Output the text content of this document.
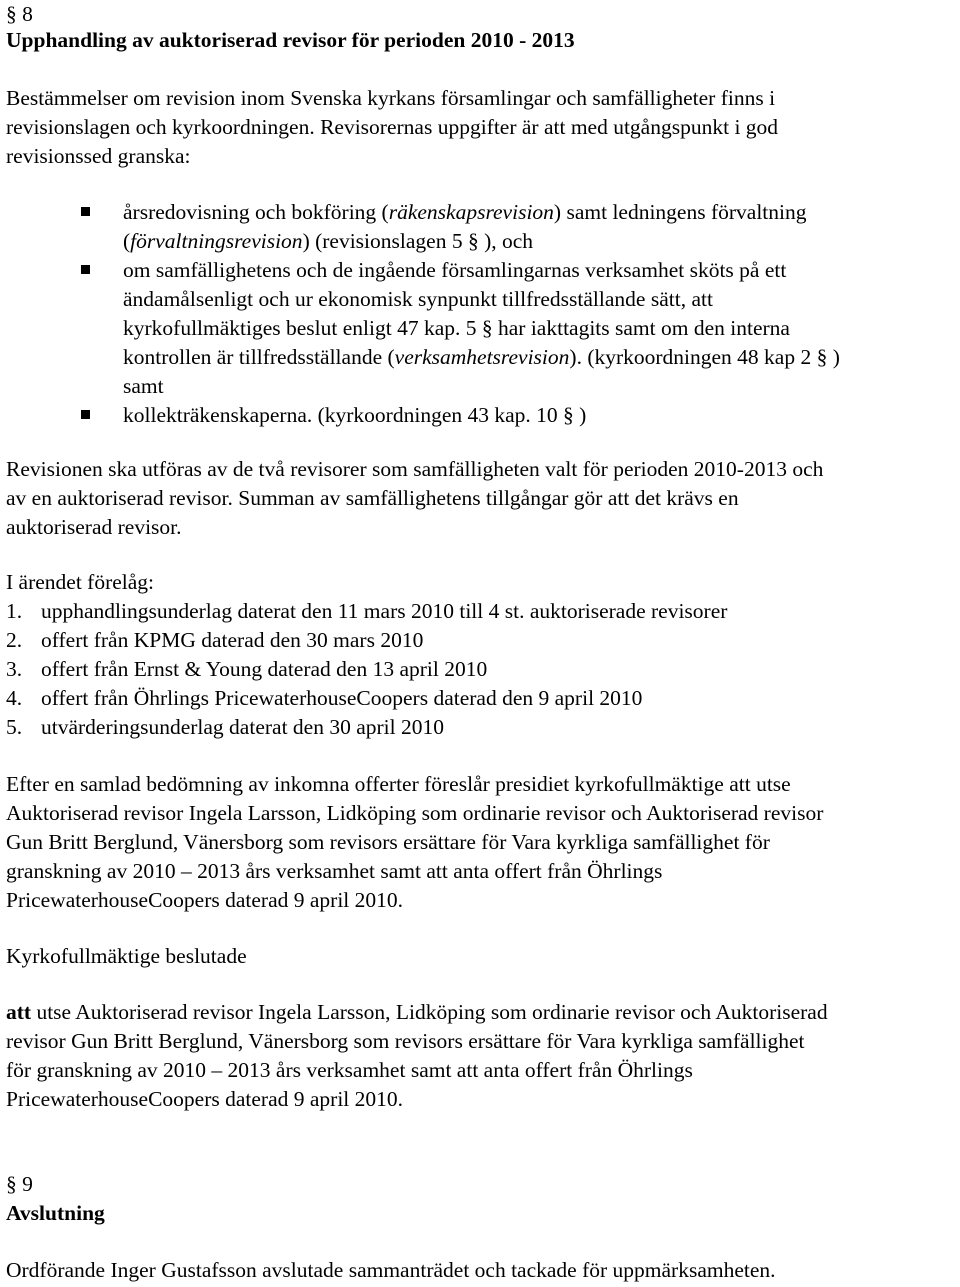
§ 8

Upphandling av auktoriserad revisor för perioden 2010 - 2013

Bestämmelser om revision inom Svenska kyrkans församlingar och samfälligheter finns i

revisionslagen och kyrkoordningen. Revisorernas uppgifter är att med utgångspunkt i god

revisionssed granska:

årsredovisning och bokföring (räkenskapsrevision) samt ledningens förvaltning

(förvaltningsrevision) (revisionslagen 5 § ), och

om samfällighetens och de ingående församlingarnas verksamhet sköts på ett

ändamålsenligt och ur ekonomisk synpunkt tillfredsställande sätt, att

kyrkofullmäktiges beslut enligt 47 kap. 5 § har iakttagits samt om den interna

kontrollen är tillfredsställande (verksamhetsrevision). (kyrkoordningen 48 kap 2 § )

samt

kollekträkenskaperna. (kyrkoordningen 43 kap. 10 § )

Revisionen ska utföras av de två revisorer som samfälligheten valt för perioden 2010-2013 och

av en auktoriserad revisor. Summan av samfällighetens tillgångar gör att det krävs en

auktoriserad revisor.

I ärendet förelåg:

1. upphandlingsunderlag daterat den 11 mars 2010 till 4 st. auktoriserade revisorer

2. offert från KPMG daterad den 30 mars 2010

3. offert från Ernst & Young daterad den 13 april 2010

4. offert från Öhrlings PricewaterhouseCoopers daterad den 9 april 2010

5. utvärderingsunderlag daterat den 30 april 2010

Efter en samlad bedömning av inkomna offerter föreslår presidiet kyrkofullmäktige att utse

Auktoriserad revisor Ingela Larsson, Lidköping som ordinarie revisor och Auktoriserad revisor

Gun Britt Berglund, Vänersborg som revisors ersättare för Vara kyrkliga samfällighet för

granskning av 2010 – 2013 års verksamhet samt att anta offert från Öhrlings

PricewaterhouseCoopers daterad 9 april 2010.

Kyrkofullmäktige beslutade

att utse Auktoriserad revisor Ingela Larsson, Lidköping som ordinarie revisor och Auktoriserad

revisor Gun Britt Berglund, Vänersborg som revisors ersättare för Vara kyrkliga samfällighet

för granskning av 2010 – 2013 års verksamhet samt att anta offert från Öhrlings

PricewaterhouseCoopers daterad 9 april 2010.

§ 9

Avslutning

Ordförande Inger Gustafsson avslutade sammanträdet och tackade för uppmärksamheten.
